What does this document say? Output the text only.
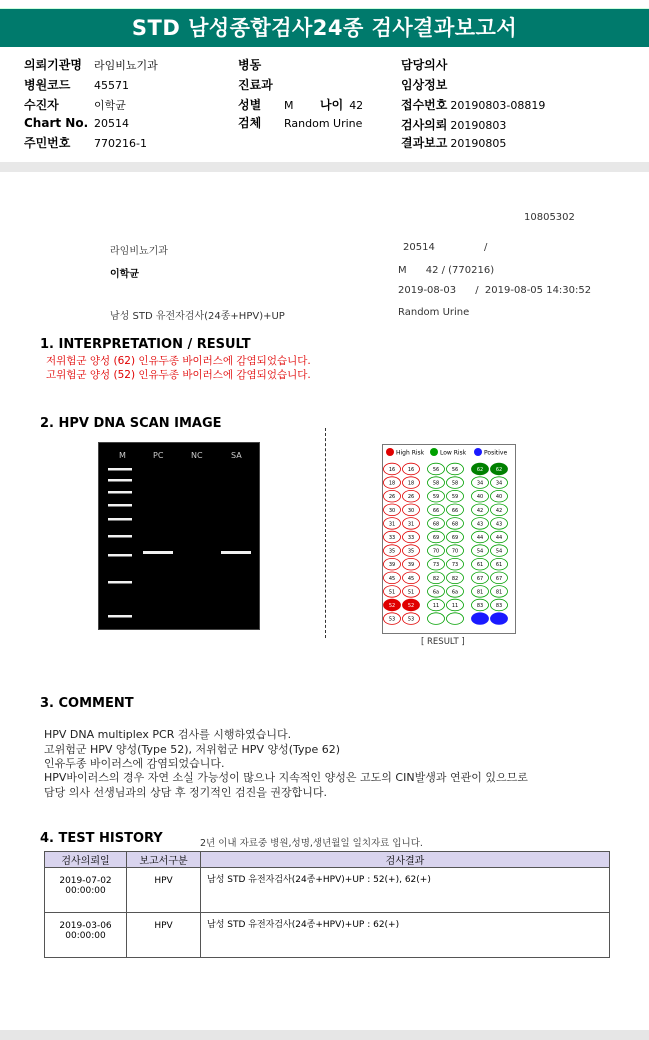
STD 남성종합검사24종 검사결과보고서
의뢰기관명 라임비뇨기과
병원코드 45571
수진자	이학균
Chart No. 20514
주민번호 770216-1
병동
진료과
성별 M 나이 42
검체 Random Urine
담당의사
임상정보
접수번호 20190803-08819
검사의뢰 20190803
결과보고 20190805
10805302
라임비뇨기과	20514	/
이학균	M      42 / (770216)
2019-08-03      /  2019-08-05 14:30:52
남성 STD 유전자검사(24종+HPV)+UP	Random Urine
1. INTERPRETATION / RESULT
저위험군 양성 (62) 인유두종 바이러스에 감염되었습니다.
고위험군 양성 (52) 인유두종 바이러스에 감염되었습니다.
2. HPV DNA SCAN IMAGE
M	PC	NC	SA	High Risk	Low Risk	Positive
16	16	56	56	62	62
18	18	58	58	34	34
26	26	59	59	40	40
30	30	66	66	42	42
31	31	68	68	43	43
33	33	69	69	44	44
35	35	70	70	54	54
39	39	73	73	61	61
45	45	82	82	67	67
51	51	6a	6a	81	81
52	52	11	11	83	83
53	53
[ RESULT ]
3. COMMENT
HPV DNA multiplex PCR 검사를 시행하였습니다.
고위험군 HPV 양성(Type 52), 저위험군 HPV 양성(Type 62)
인유두종 바이러스에 감염되었습니다.
HPV바이러스의 경우 자연 소실 가능성이 많으나 지속적인 양성은 고도의 CIN발생과 연관이 있으므로
담당 의사 선생님과의 상담 후 정기적인 검진을 권장합니다.
4. TEST HISTORY	2년 이내 자료중 병원,성명,생년월일 일치자료 입니다.
검사의뢰일	보고서구분	검사결과
2019-07-02
00:00:00	HPV	남성 STD 유전자검사(24종+HPV)+UP : 52(+), 62(+)
2019-03-06
00:00:00	HPV	남성 STD 유전자검사(24종+HPV)+UP : 62(+)
